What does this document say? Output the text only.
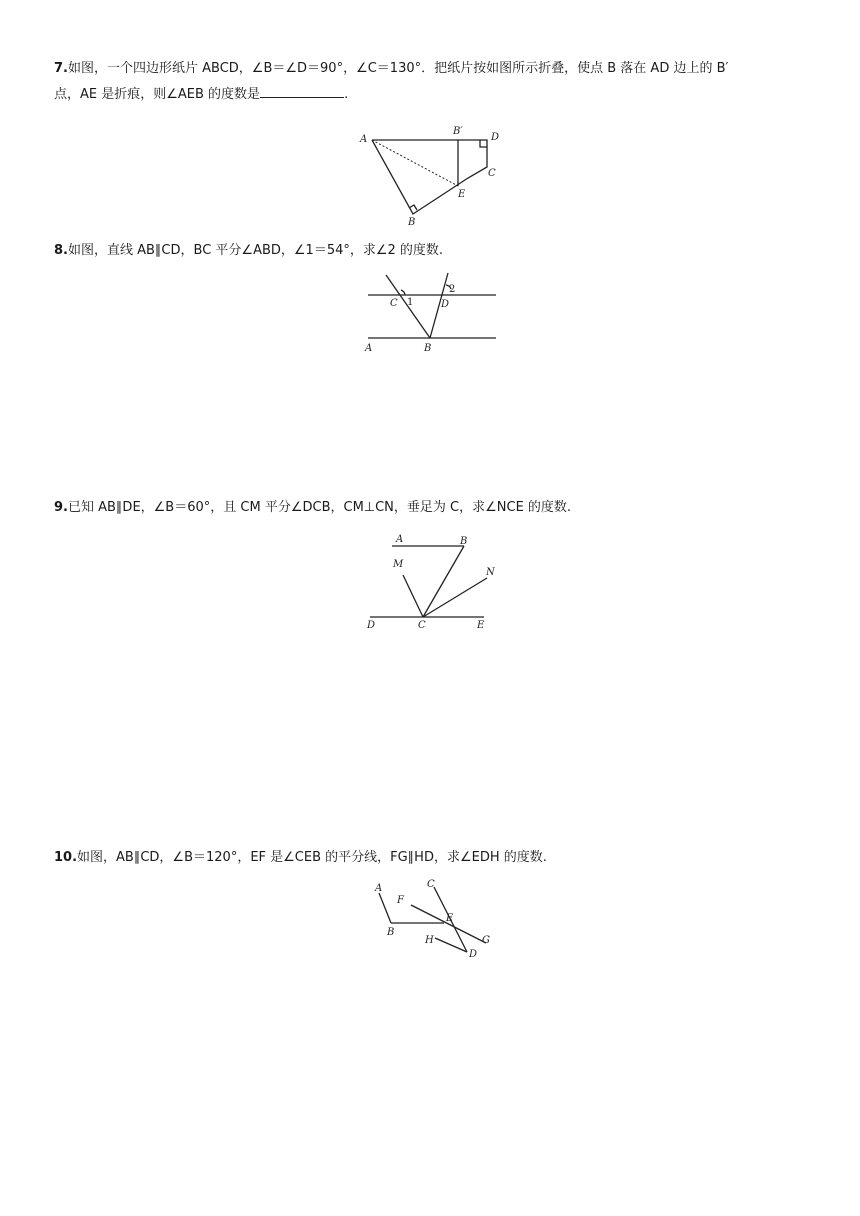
7.如图，一个四边形纸片 ABCD，∠B＝∠D＝90°，∠C＝130°．把纸片按如图所示折叠，使点 B 落在 AD 边上的 B′
点，AE 是折痕，则∠AEB 的度数是	.
A
B′
D
C
E
B
8.如图，直线 AB∥CD，BC 平分∠ABD，∠1＝54°，求∠2 的度数.
C 1	D
2
A	B
9.已知 AB∥DE，∠B＝60°，且 CM 平分∠DCB，CM⊥CN，垂足为 C，求∠NCE 的度数.
A	B
M
N
D	C	E
10.如图，AB∥CD，∠B＝120°，EF 是∠CEB 的平分线，FG∥HD，求∠EDH 的度数.
A
F
C
E
B
H	G
D
